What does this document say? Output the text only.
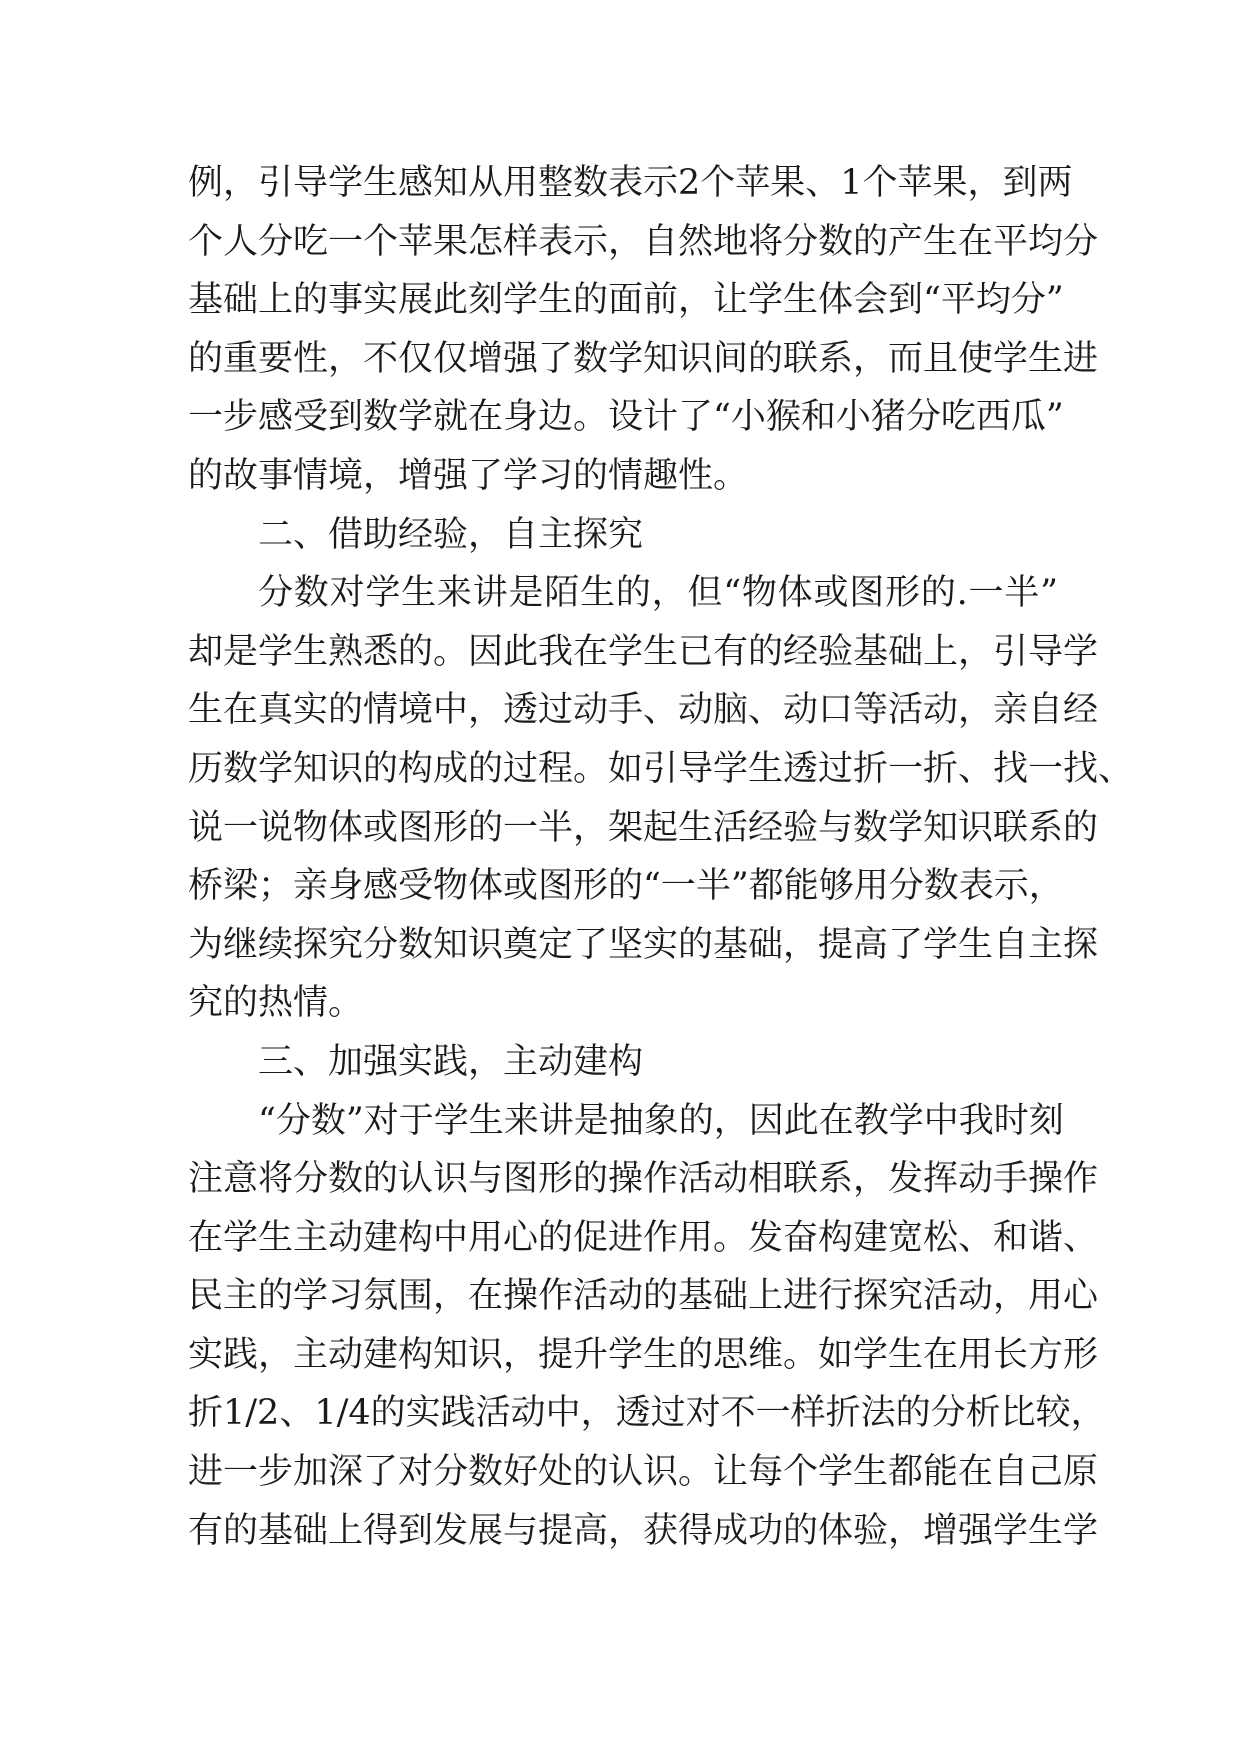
例，引导学生感知从用整数表示2个苹果、1个苹果，到两
个人分吃一个苹果怎样表示，自然地将分数的产生在平均分
基础上的事实展此刻学生的面前，让学生体会到“平均分”
的重要性，不仅仅增强了数学知识间的联系，而且使学生进
一步感受到数学就在身边。设计了“小猴和小猪分吃西瓜”
的故事情境，增强了学习的情趣性。
二、借助经验，自主探究
分数对学生来讲是陌生的，但“物体或图形的.一半”
却是学生熟悉的。因此我在学生已有的经验基础上，引导学
生在真实的情境中，透过动手、动脑、动口等活动，亲自经
历数学知识的构成的过程。如引导学生透过折一折、找一找、
说一说物体或图形的一半，架起生活经验与数学知识联系的
桥梁；亲身感受物体或图形的“一半”都能够用分数表示，
为继续探究分数知识奠定了坚实的基础，提高了学生自主探
究的热情。
三、加强实践，主动建构
“分数”对于学生来讲是抽象的，因此在教学中我时刻
注意将分数的认识与图形的操作活动相联系，发挥动手操作
在学生主动建构中用心的促进作用。发奋构建宽松、和谐、
民主的学习氛围，在操作活动的基础上进行探究活动，用心
实践，主动建构知识，提升学生的思维。如学生在用长方形
折1/2、1/4的实践活动中，透过对不一样折法的分析比较，
进一步加深了对分数好处的认识。让每个学生都能在自己原
有的基础上得到发展与提高，获得成功的体验，增强学生学
